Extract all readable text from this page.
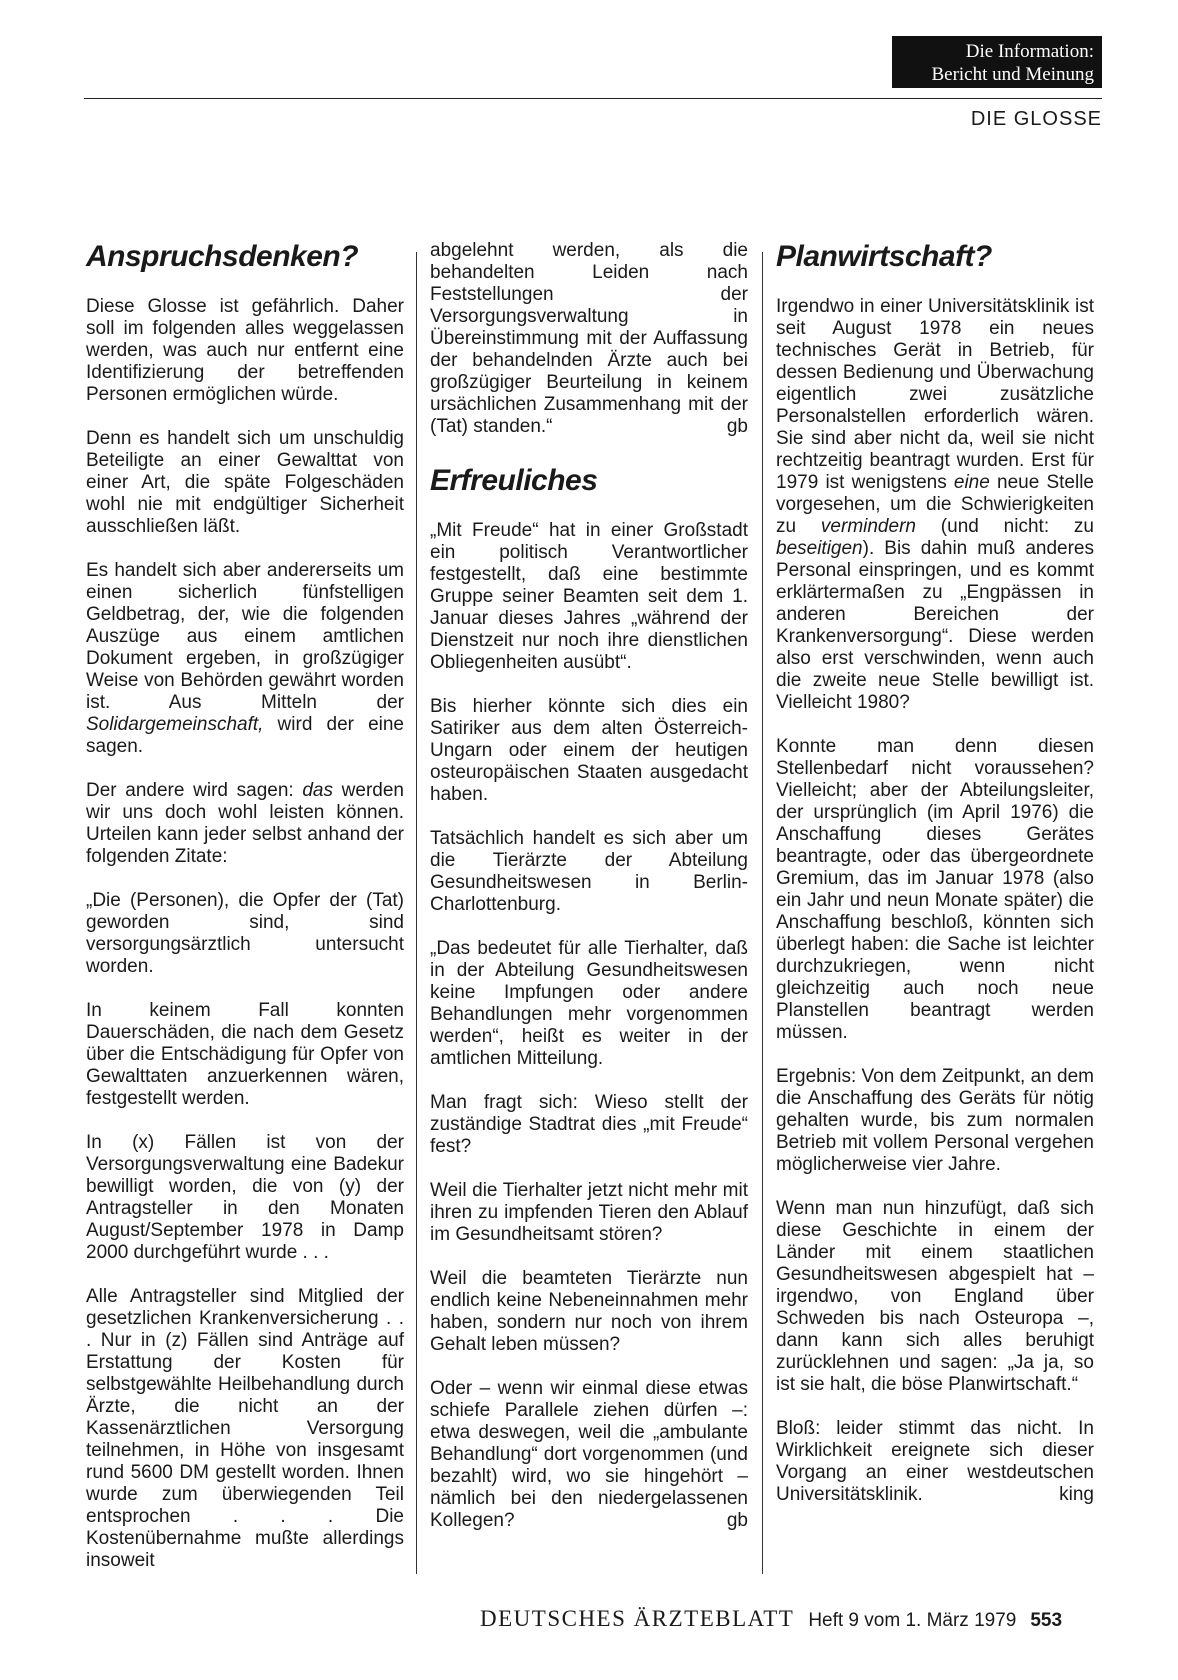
Die Information:
Bericht und Meinung
DIE GLOSSE
Anspruchsdenken?

Diese Glosse ist gefährlich. Daher soll im folgenden alles weggelassen werden, was auch nur entfernt eine Identifizierung der betreffenden Personen ermöglichen würde.

Denn es handelt sich um unschuldig Beteiligte an einer Gewalttat von einer Art, die späte Folgeschäden wohl nie mit endgültiger Sicherheit ausschließen läßt.

Es handelt sich aber andererseits um einen sicherlich fünfstelligen Geldbetrag, der, wie die folgenden Auszüge aus einem amtlichen Dokument ergeben, in großzügiger Weise von Behörden gewährt worden ist. Aus Mitteln der Solidargemeinschaft, wird der eine sagen.

Der andere wird sagen: das werden wir uns doch wohl leisten können. Urteilen kann jeder selbst anhand der folgenden Zitate:

„Die (Personen), die Opfer der (Tat) geworden sind, sind versorgungsärztlich untersucht worden.

In keinem Fall konnten Dauerschäden, die nach dem Gesetz über die Entschädigung für Opfer von Gewalttaten anzuerkennen wären, festgestellt werden.

In (x) Fällen ist von der Versorgungsverwaltung eine Badekur bewilligt worden, die von (y) der Antragsteller in den Monaten August/September 1978 in Damp 2000 durchgeführt wurde . . .

Alle Antragsteller sind Mitglied der gesetzlichen Krankenversicherung . . . Nur in (z) Fällen sind Anträge auf Erstattung der Kosten für selbstgewählte Heilbehandlung durch Ärzte, die nicht an der Kassenärztlichen Versorgung teilnehmen, in Höhe von insgesamt rund 5600 DM gestellt worden. Ihnen wurde zum überwiegenden Teil entsprochen . . . Die Kostenübernahme mußte allerdings insoweit

abgelehnt werden, als die behandelten Leiden nach Feststellungen der Versorgungsverwaltung in Übereinstimmung mit der Auffassung der behandelnden Ärzte auch bei großzügiger Beurteilung in keinem ursächlichen Zusammenhang mit der (Tat) standen.“	gb

Erfreuliches

„Mit Freude“ hat in einer Großstadt ein politisch Verantwortlicher festgestellt, daß eine bestimmte Gruppe seiner Beamten seit dem 1. Januar dieses Jahres „während der Dienstzeit nur noch ihre dienstlichen Obliegenheiten ausübt“.

Bis hierher könnte sich dies ein Satiriker aus dem alten Österreich-Ungarn oder einem der heutigen osteuropäischen Staaten ausgedacht haben.

Tatsächlich handelt es sich aber um die Tierärzte der Abteilung Gesundheitswesen in Berlin-Charlottenburg.

„Das bedeutet für alle Tierhalter, daß in der Abteilung Gesundheitswesen keine Impfungen oder andere Behandlungen mehr vorgenommen werden“, heißt es weiter in der amtlichen Mitteilung.

Man fragt sich: Wieso stellt der zuständige Stadtrat dies „mit Freude“ fest?

Weil die Tierhalter jetzt nicht mehr mit ihren zu impfenden Tieren den Ablauf im Gesundheitsamt stören?

Weil die beamteten Tierärzte nun endlich keine Nebeneinnahmen mehr haben, sondern nur noch von ihrem Gehalt leben müssen?

Oder – wenn wir einmal diese etwas schiefe Parallele ziehen dürfen –: etwa deswegen, weil die „ambulante Behandlung“ dort vorgenommen (und bezahlt) wird, wo sie hingehört – nämlich bei den niedergelassenen Kollegen?	gb

Planwirtschaft?

Irgendwo in einer Universitätsklinik ist seit August 1978 ein neues technisches Gerät in Betrieb, für dessen Bedienung und Überwachung eigentlich zwei zusätzliche Personalstellen erforderlich wären. Sie sind aber nicht da, weil sie nicht rechtzeitig beantragt wurden. Erst für 1979 ist wenigstens eine neue Stelle vorgesehen, um die Schwierigkeiten zu vermindern (und nicht: zu beseitigen). Bis dahin muß anderes Personal einspringen, und es kommt erklärtermaßen zu „Engpässen in anderen Bereichen der Krankenversorgung“. Diese werden also erst verschwinden, wenn auch die zweite neue Stelle bewilligt ist. Vielleicht 1980?

Konnte man denn diesen Stellenbedarf nicht voraussehen? Vielleicht; aber der Abteilungsleiter, der ursprünglich (im April 1976) die Anschaffung dieses Gerätes beantragte, oder das übergeordnete Gremium, das im Januar 1978 (also ein Jahr und neun Monate später) die Anschaffung beschloß, könnten sich überlegt haben: die Sache ist leichter durchzukriegen, wenn nicht gleichzeitig auch noch neue Planstellen beantragt werden müssen.

Ergebnis: Von dem Zeitpunkt, an dem die Anschaffung des Geräts für nötig gehalten wurde, bis zum normalen Betrieb mit vollem Personal vergehen möglicherweise vier Jahre.

Wenn man nun hinzufügt, daß sich diese Geschichte in einem der Länder mit einem staatlichen Gesundheitswesen abgespielt hat – irgendwo, von England über Schweden bis nach Osteuropa –, dann kann sich alles beruhigt zurücklehnen und sagen: „Ja ja, so ist sie halt, die böse Planwirtschaft.“

Bloß: leider stimmt das nicht. In Wirklichkeit ereignete sich dieser Vorgang an einer westdeutschen Universitätsklinik.	king

DEUTSCHES ÄRZTEBLATT Heft 9 vom 1. März 1979 553
